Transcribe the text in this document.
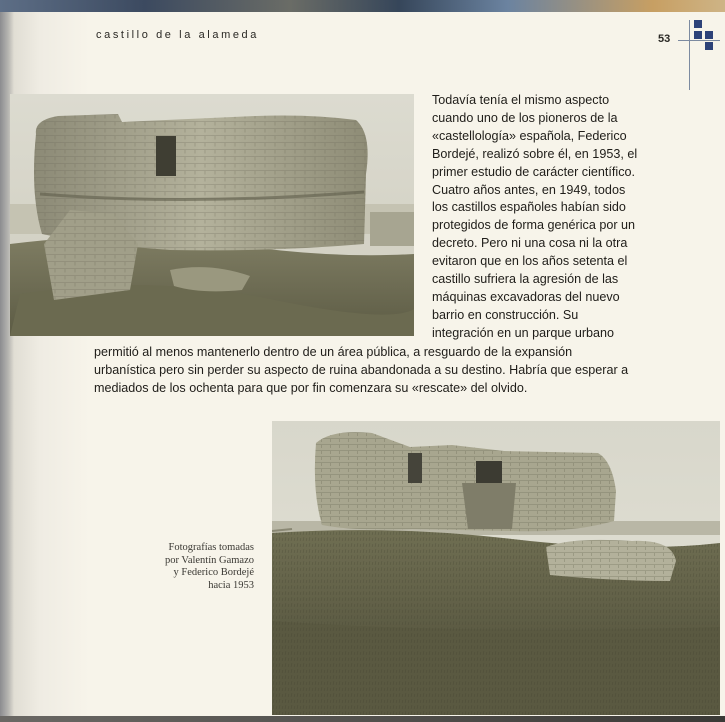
castillo de la alameda	53
Todavía tenía el mismo aspecto
cuando uno de los pioneros de la
«castellología» española, Federico
Bordejé, realizó sobre él, en 1953, el
primer estudio de carácter científico.
Cuatro años antes, en 1949, todos
los castillos españoles habían sido
protegidos de forma genérica por un
decreto. Pero ni una cosa ni la otra
evitaron que en los años setenta el
castillo sufriera la agresión de las
máquinas excavadoras del nuevo
barrio en construcción. Su
integración en un parque urbano
permitió al menos mantenerlo dentro de un área pública, a resguardo de la expansión
urbanística pero sin perder su aspecto de ruina abandonada a su destino. Habría que esperar a
mediados de los ochenta para que por fin comenzara su «rescate» del olvido.
Fotografías tomadas
por Valentín Gamazo
y Federico Bordejé
hacia 1953
